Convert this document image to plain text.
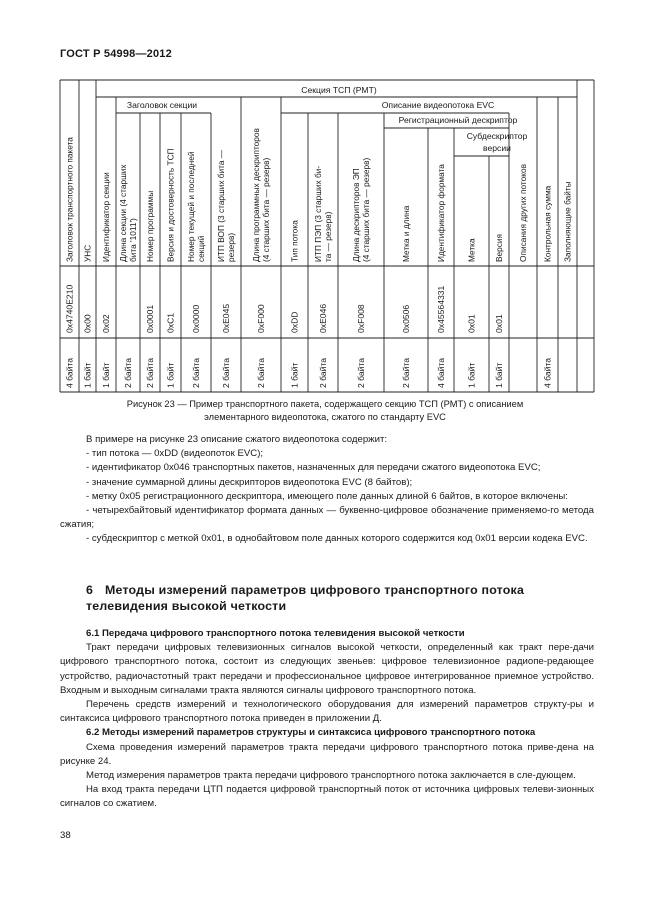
ГОСТ Р 54998—2012
Секция ТСП (PMT)
Заголовок секции	Описание видеопотока EVC
Регистрационный дескриптор
Субдескриптор
версии
Заголовок транспортного пакета
0x4740E210
4 байта
УНС
0x00
1 байт
Идентификатор секции
0x02
1 байт
Длина секции (4 старшихбита '1011')
2 байта
Номер программы
0x0001
2 байта
Версия и достоверность ТСП
0xC1
1 байт
Номер текущей и последнейсекций
0x0000
2 байта
ИТП ВОП (3 старших бита —резерв)
0xE045
2 байта
Длина программных дескрипторов(4 старших бита — резерв)
0xF000
2 байта
Тип потока
0xDD
1 байт
ИТП ПЭП (3 старших би-та — резерв)
0xE046
2 байта
Длина дескрипторов ЭП(4 старших бита — резерв)
0xF008
2 байта
Метка и длина
0x0506
2 байта
Идентификатор формата
0x45564331
4 байта
Метка
0x01
1 байт
Версия
0x01
1 байт
Описания других потоков Контрольная сумма
4 байта
Заполняющие байты
Рисунок 23 — Пример транспортного пакета, содержащего секцию ТСП (PMT) с описанием
элементарного видеопотока, сжатого по стандарту EVC

В примере на рисунке 23 описание сжатого видеопотока содержит:

- тип потока — 0xDD (видеопоток EVC);

- идентификатор 0x046 транспортных пакетов, назначенных для передачи сжатого видеопотока EVC;

- значение суммарной длины дескрипторов видеопотока EVC (8 байтов);

- метку 0x05 регистрационного дескриптора, имеющего поле данных длиной 6 байтов, в которое включены:

- четырехбайтовый идентификатор формата данных — буквенно-цифровое обозначение применяемо-го метода сжатия;

- субдескриптор с меткой 0x01, в однобайтовом поле данных которого содержится код 0x01 версии кодека EVC.

6 Методы измерений параметров цифрового транспортного потока телевидения высокой четкости

6.1 Передача цифрового транспортного потока телевидения высокой четкости

Тракт передачи цифровых телевизионных сигналов высокой четкости, определенный как тракт пере-дачи цифрового транспортного потока, состоит из следующих звеньев: цифровое телевизионное радиопе-редающее устройство, радиочастотный тракт передачи и профессиональное цифровое интегрированное приемное устройство. Входным и выходным сигналами тракта являются сигналы цифрового транспортного потока.

Перечень средств измерений и технологического оборудования для измерений параметров структу-ры и синтаксиса цифрового транспортного потока приведен в приложении Д.

6.2 Методы измерений параметров структуры и синтаксиса цифрового транспортного потока

Схема проведения измерений параметров тракта передачи цифрового транспортного потока приве-дена на рисунке 24.

Метод измерения параметров тракта передачи цифрового транспортного потока заключается в сле-дующем.

На вход тракта передачи ЦТП подается цифровой транспортный поток от источника цифровых телеви-зионных сигналов со сжатием.

38
